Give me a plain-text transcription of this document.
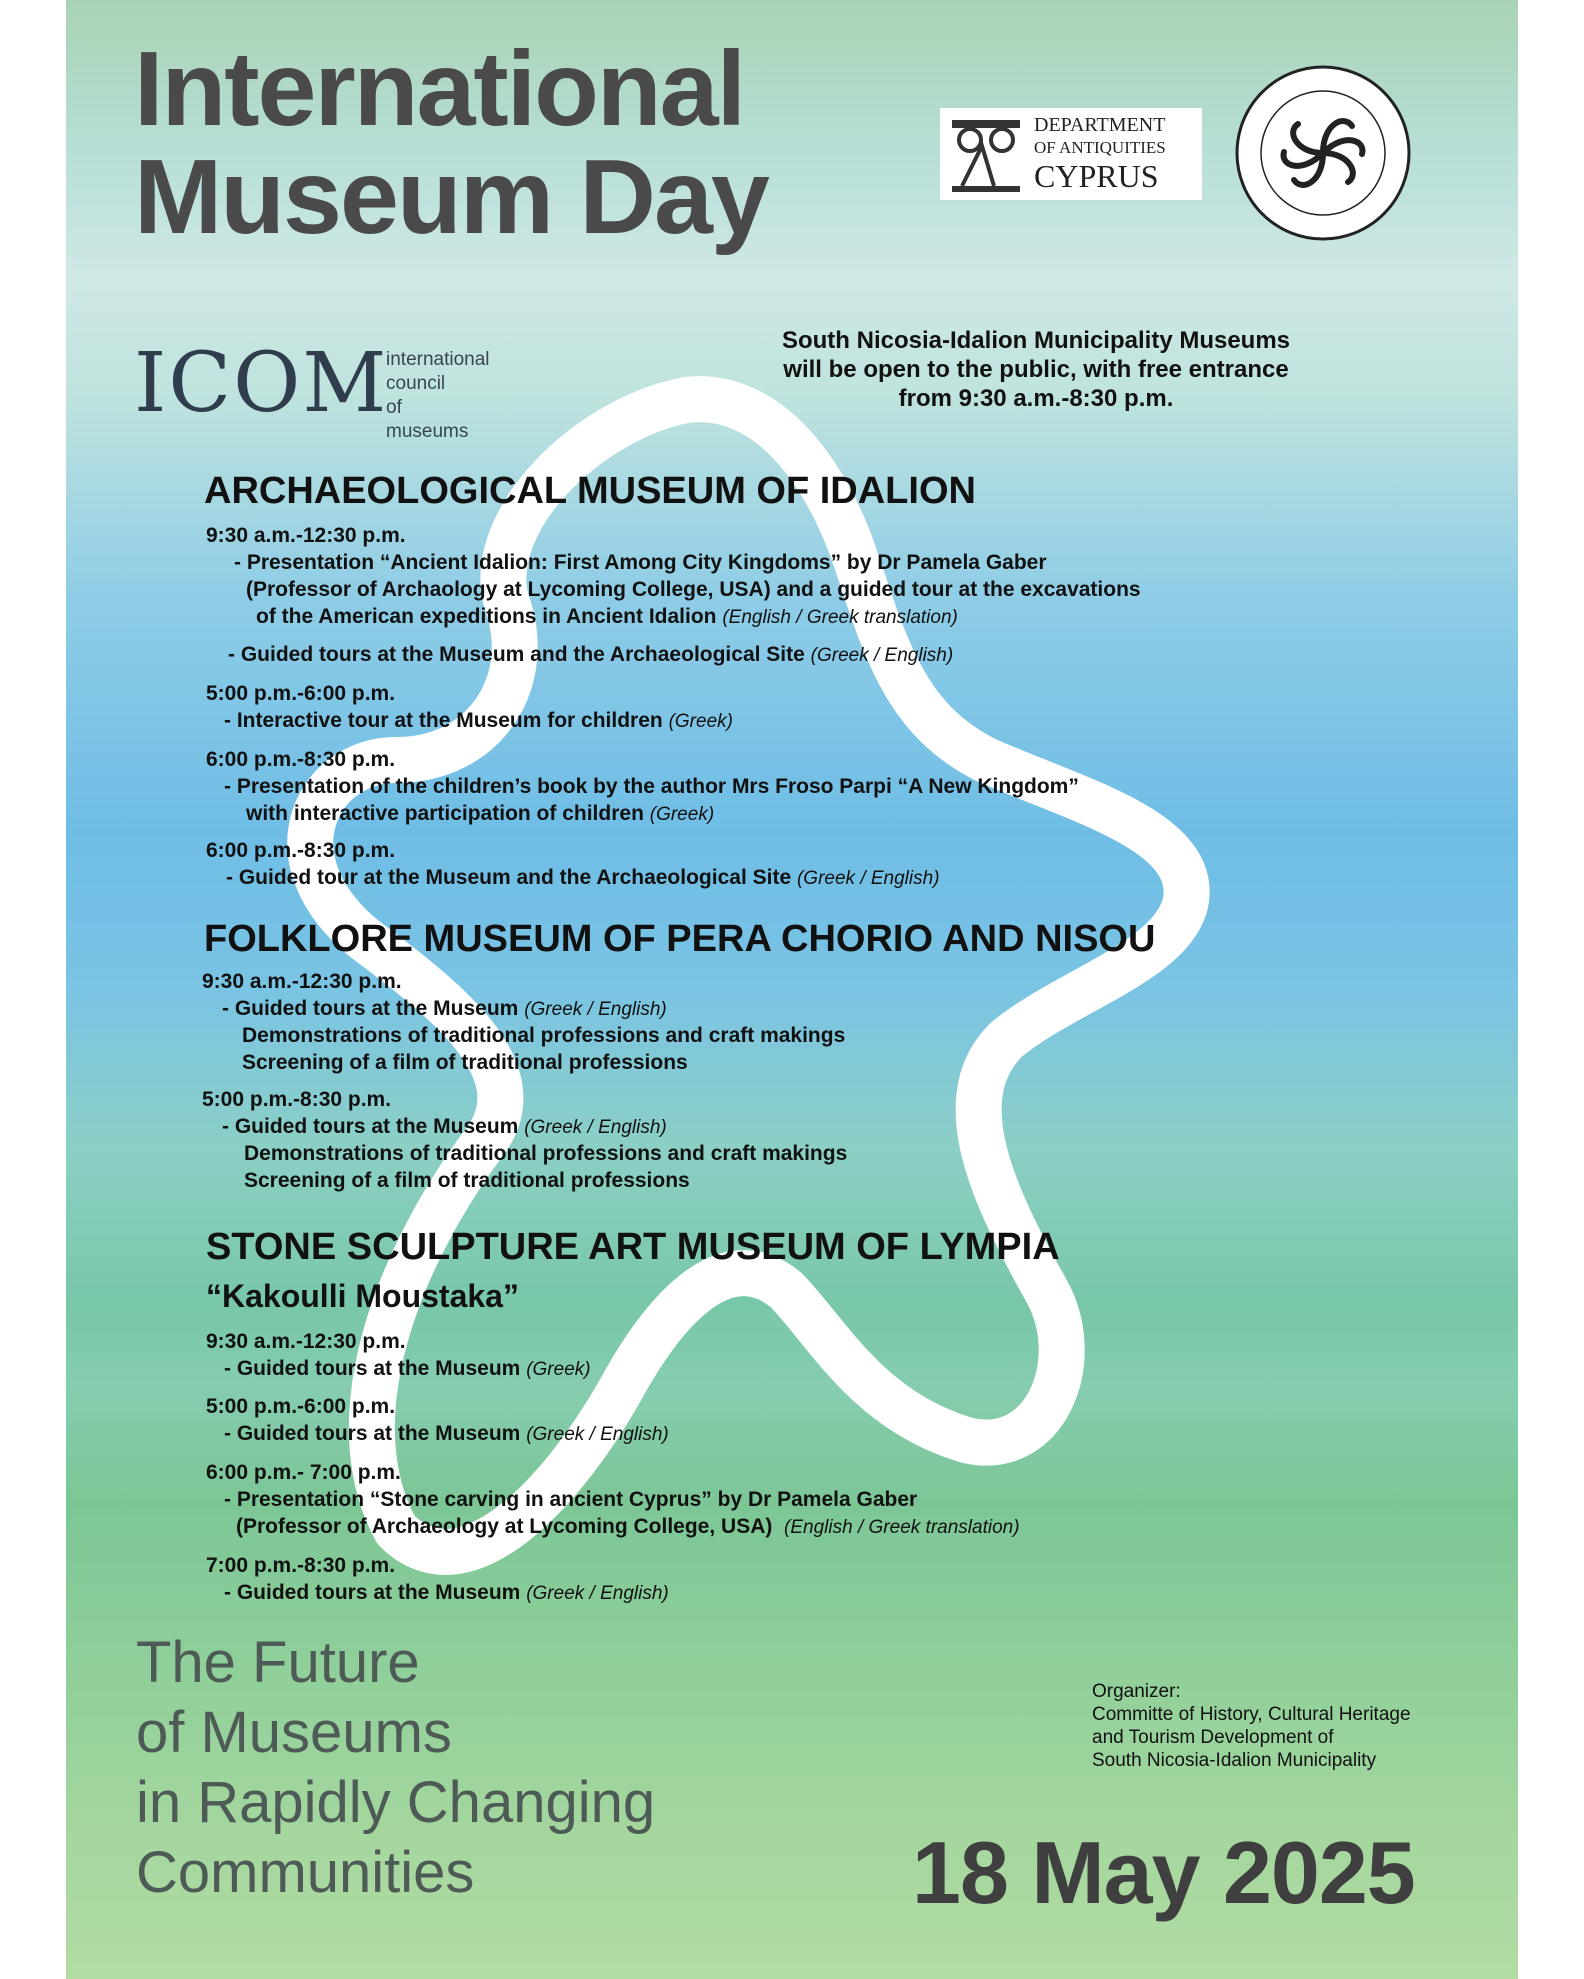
International
Museum Day
DEPARTMENT
OF ANTIQUITIES
CYPRUS
ICOM
international
council
of museums
South Nicosia-Idalion Municipality Museums
will be open to the public, with free entrance
from 9:30 a.m.-8:30 p.m.
ARCHAEOLOGICAL MUSEUM OF IDALION
9:30 a.m.-12:30 p.m.
- Presentation “Ancient Idalion: First Among City Kingdoms” by Dr Pamela Gaber
(Professor of Archaology at Lycoming College, USA) and a guided tour at the excavations
of the American expeditions in Ancient Idalion (English / Greek translation)
- Guided tours at the Museum and the Archaeological Site (Greek / English)
5:00 p.m.-6:00 p.m.
- Interactive tour at the Museum for children (Greek)
6:00 p.m.-8:30 p.m.
- Presentation of the children’s book by the author Mrs Froso Parpi “A New Kingdom”
with interactive participation of children (Greek)
6:00 p.m.-8:30 p.m.
- Guided tour at the Museum and the Archaeological Site (Greek / English)
FOLKLORE MUSEUM OF PERA CHORIO AND NISOU
9:30 a.m.-12:30 p.m.
- Guided tours at the Museum (Greek / English)
Demonstrations of traditional professions and craft makings
Screening of a film of traditional professions
5:00 p.m.-8:30 p.m.
- Guided tours at the Museum (Greek / English)
Demonstrations of traditional professions and craft makings
Screening of a film of traditional professions
STONE SCULPTURE ART MUSEUM OF LYMPIA
“Kakoulli Moustaka”
9:30 a.m.-12:30 p.m.
- Guided tours at the Museum (Greek)
5:00 p.m.-6:00 p.m.
- Guided tours at the Museum (Greek / English)
6:00 p.m.- 7:00 p.m.
- Presentation “Stone carving in ancient Cyprus” by Dr Pamela Gaber
(Professor of Archaeology at Lycoming College, USA) (English / Greek translation)
7:00 p.m.-8:30 p.m.
- Guided tours at the Museum (Greek / English)
The Future
of Museums
in Rapidly Changing
Communities
Organizer:
Committe of History, Cultural Heritage
and Tourism Development of
South Nicosia-Idalion Municipality
18 May 2025
